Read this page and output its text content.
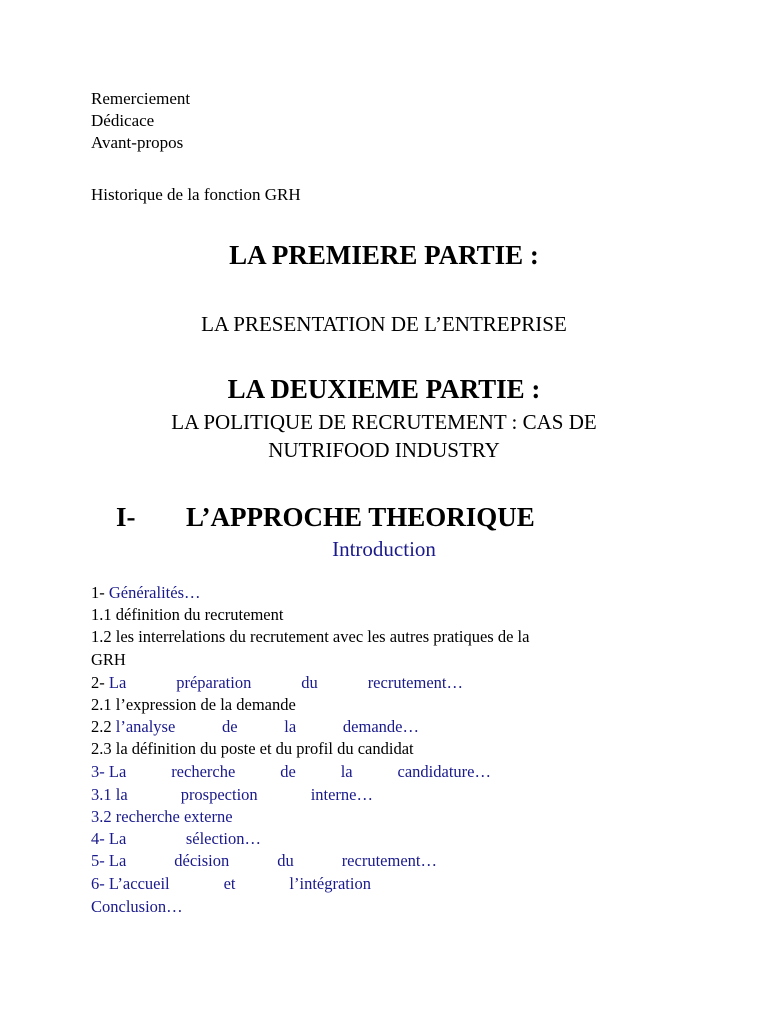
Remerciement
Dédicace
Avant-propos
Historique de la fonction GRH
LA PREMIERE PARTIE :
LA PRESENTATION DE L’ENTREPRISE
LA DEUXIEME PARTIE :
LA POLITIQUE DE RECRUTEMENT : CAS DE
NUTRIFOOD INDUSTRY
I- L’APPROCHE THEORIQUE
Introduction
1- Généralités…
1.1 définition du recrutement
1.2 les interrelations du recrutement avec les autres pratiques de la
GRH
2- La	préparation	du	recrutement…
2.1 l’expression de la demande
2.2 l’analyse	de	la	demande…
2.3 la définition du poste et du profil du candidat
3- La	recherche	de	la	candidature…
3.1 la	prospection	interne…
3.2 recherche externe
4- La	sélection…
5- La	décision	du	recrutement…
6- L’accueil	et	l’intégration
Conclusion…
